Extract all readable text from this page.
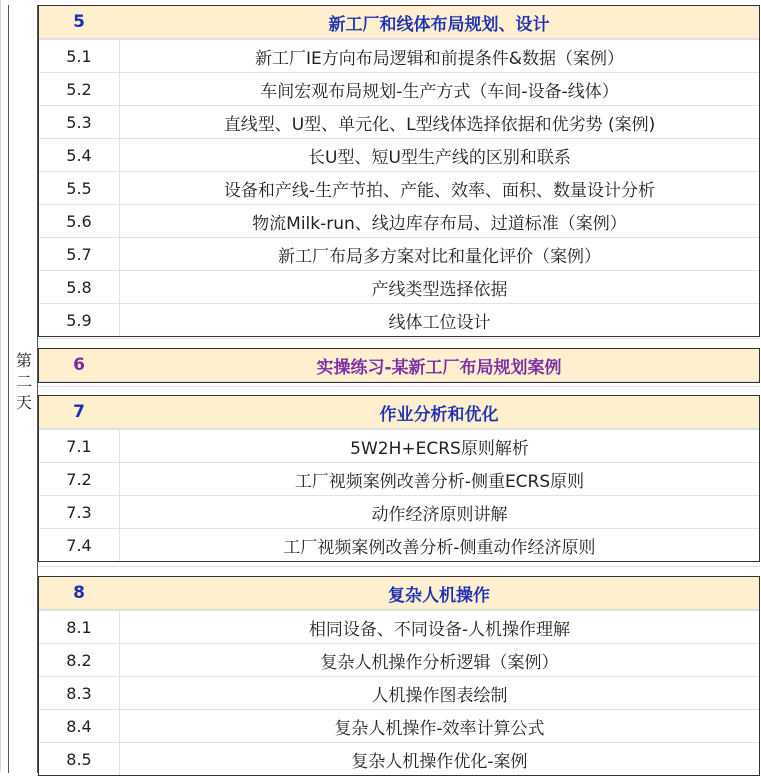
第
二
天
5	新工厂和线体布局规划、设计
5.1	新工厂IE方向布局逻辑和前提条件&数据（案例）
5.2	车间宏观布局规划-生产方式（车间-设备-线体）
5.3	直线型、U型、单元化、L型线体选择依据和优劣势 (案例)
5.4	长U型、短U型生产线的区别和联系
5.5	设备和产线-生产节拍、产能、效率、面积、数量设计分析
5.6	物流Milk-run、线边库存布局、过道标准（案例）
5.7	新工厂布局多方案对比和量化评价（案例）
5.8	产线类型选择依据
5.9	线体工位设计
6	实操练习-某新工厂布局规划案例
7	作业分析和优化
7.1	5W2H+ECRS原则解析
7.2	工厂视频案例改善分析-侧重ECRS原则
7.3	动作经济原则讲解
7.4	工厂视频案例改善分析-侧重动作经济原则
8	复杂人机操作
8.1	相同设备、不同设备-人机操作理解
8.2	复杂人机操作分析逻辑（案例）
8.3	人机操作图表绘制
8.4	复杂人机操作-效率计算公式
8.5	复杂人机操作优化-案例
